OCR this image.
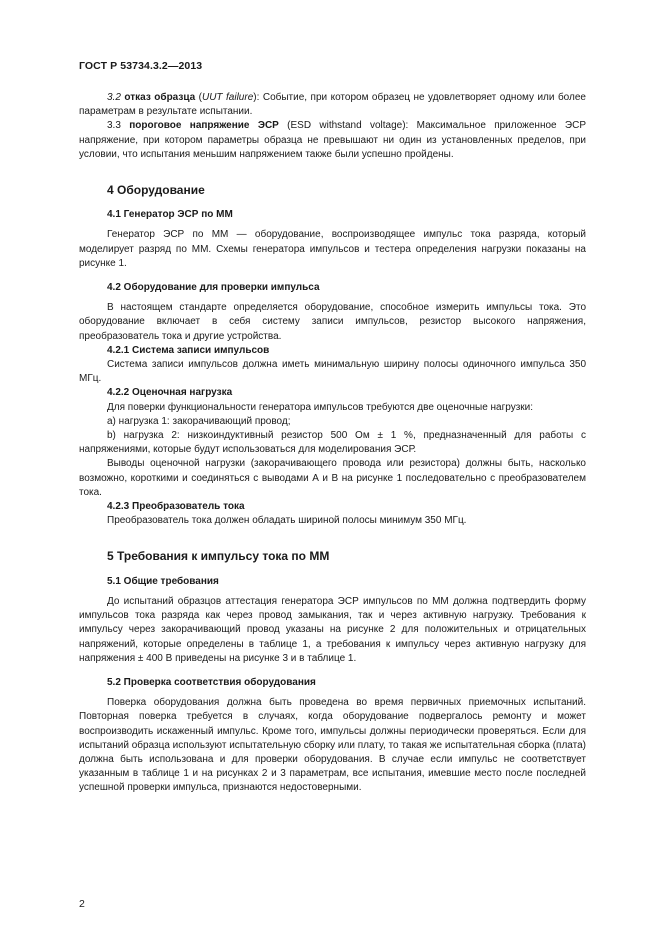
ГОСТ Р 53734.3.2—2013

3.2 отказ образца (UUT failure): Событие, при котором образец не удовлетворяет одному или более параметрам в результате испытании.

3.3 пороговое напряжение ЭСР (ESD withstand voltage): Максимальное приложенное ЭСР напряжение, при котором параметры образца не превышают ни один из установленных пределов, при условии, что испытания меньшим напряжением также были успешно пройдены.

4 Оборудование
4.1 Генератор ЭСР по ММ

Генератор ЭСР по ММ — оборудование, воспроизводящее импульс тока разряда, который моделирует разряд по ММ. Схемы генератора импульсов и тестера определения нагрузки показаны на рисунке 1.

4.2 Оборудование для проверки импульса

В настоящем стандарте определяется оборудование, способное измерить импульсы тока. Это оборудование включает в себя систему записи импульсов, резистор высокого напряжения, преобразователь тока и другие устройства.

4.2.1 Система записи импульсов

Система записи импульсов должна иметь минимальную ширину полосы одиночного импульса 350 МГц.

4.2.2 Оценочная нагрузка

Для поверки функциональности генератора импульсов требуются две оценочные нагрузки:

а) нагрузка 1: закорачивающий провод;

b) нагрузка 2: низкоиндуктивный резистор 500 Ом ± 1 %, предназначенный для работы с напряжениями, которые будут использоваться для моделирования ЭСР.

Выводы оценочной нагрузки (закорачивающего провода или резистора) должны быть, насколько возможно, короткими и соединяться с выводами А и В на рисунке 1 последовательно с преобразователем тока.

4.2.3 Преобразователь тока

Преобразователь тока должен обладать шириной полосы минимум 350 МГц.

5 Требования к импульсу тока по ММ
5.1 Общие требования

До испытаний образцов аттестация генератора ЭСР импульсов по ММ должна подтвердить форму импульсов тока разряда как через провод замыкания, так и через активную нагрузку. Требования к импульсу через закорачивающий провод указаны на рисунке 2 для положительных и отрицательных напряжений, которые определены в таблице 1, а требования к импульсу через активную нагрузку для напряжения ± 400 В приведены на рисунке 3 и в таблице 1.

5.2 Проверка соответствия оборудования

Поверка оборудования должна быть проведена во время первичных приемочных испытаний. Повторная поверка требуется в случаях, когда оборудование подвергалось ремонту и может воспроизводить искаженный импульс. Кроме того, импульсы должны периодически проверяться. Если для испытаний образца используют испытательную сборку или плату, то такая же испытательная сборка (плата) должна быть использована и для проверки оборудования. В случае если импульс не соответствует указанным в таблице 1 и на рисунках 2 и 3 параметрам, все испытания, имевшие место после последней успешной проверки импульса, признаются недостоверными.

2
